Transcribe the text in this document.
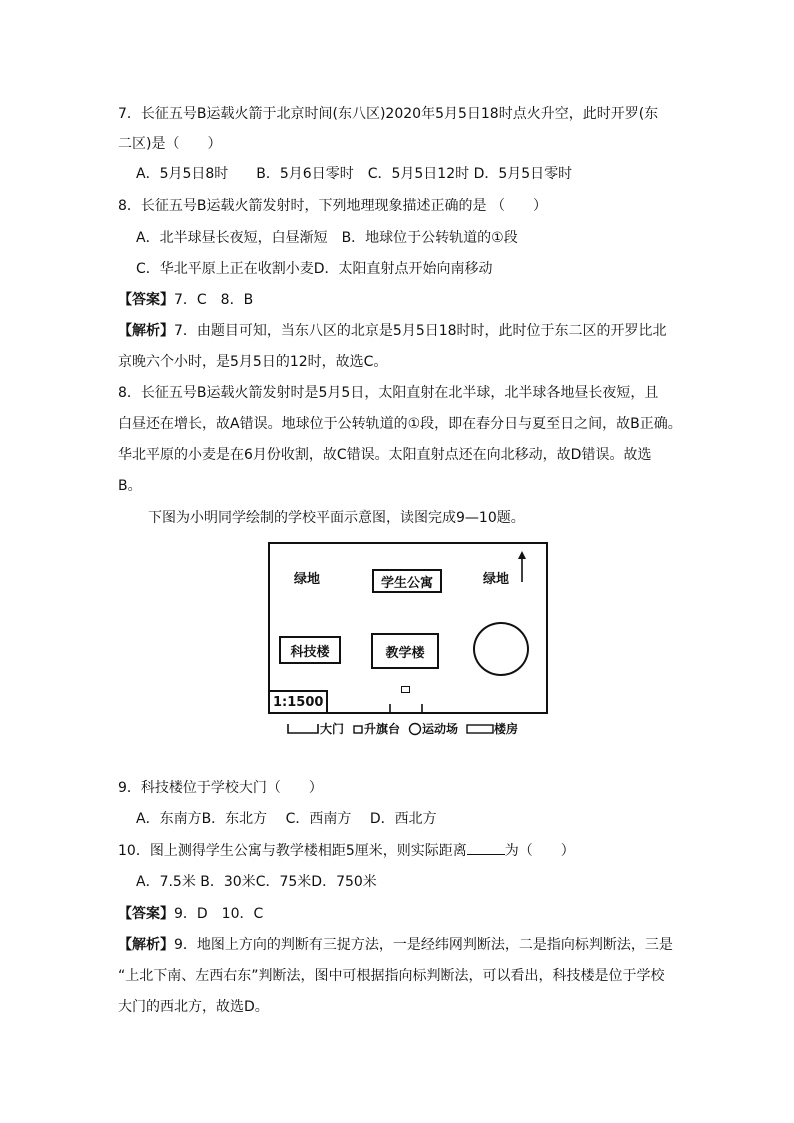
7．长征五号B运载火箭于北京时间(东八区)2020年5月5日18时点火升空，此时开罗(东
二区)是（　　）
A．5月5日8时　　B．5月6日零时　C．5月5日12时 D．5月5日零时
8．长征五号B运载火箭发射时，下列地理现象描述正确的是 （　　）
A．北半球昼长夜短，白昼渐短　B．地球位于公转轨道的①段
C．华北平原上正在收割小麦D．太阳直射点开始向南移动
【答案】7．C　8．B
【解析】7．由题目可知，当东八区的北京是5月5日18时时，此时位于东二区的开罗比北
京晚六个小时，是5月5日的12时，故选C。
8．长征五号B运载火箭发射时是5月5日，太阳直射在北半球，北半球各地昼长夜短，且
白昼还在增长，故A错误。地球位于公转轨道的①段，即在春分日与夏至日之间，故B正确。
华北平原的小麦是在6月份收割，故C错误。太阳直射点还在向北移动，故D错误。故选
B。
下图为小明同学绘制的学校平面示意图，读图完成9—10题。
绿地	学生公寓	绿地
科技楼	教学楼
1:1500
大门 升旗台 运动场	楼房
9．科技楼位于学校大门（　　）
A．东南方B．东北方　 C．西南方　 D．西北方
10．图上测得学生公寓与教学楼相距5厘米，则实际距离	为（　　）
A．7.5米 B．30米C．75米D．750米
【答案】9．D　10．C
【解析】9．地图上方向的判断有三捉方法，一是经纬网判断法，二是指向标判断法，三是
“上北下南、左西右东”判断法，图中可根据指向标判断法，可以看出，科技楼是位于学校
大门的西北方，故选D。
